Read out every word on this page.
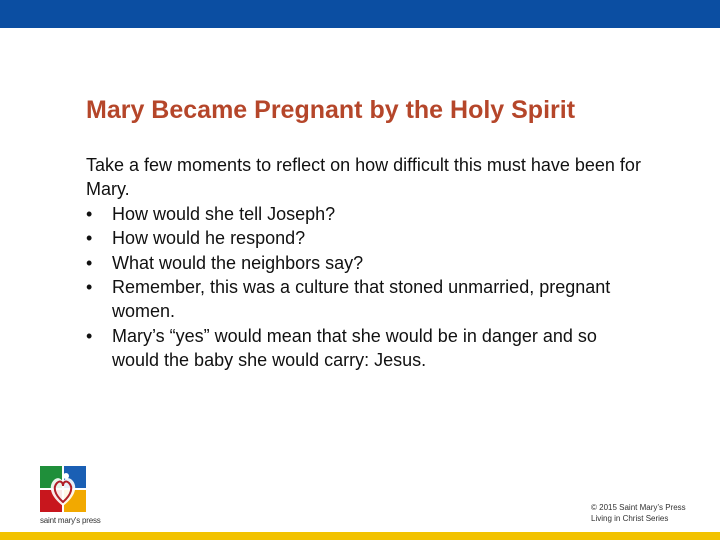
Mary Became Pregnant by the Holy Spirit

Take a few moments to reflect on how difficult this must have been for Mary.

•	How would she tell Joseph?
•	How would he respond?
•	What would the neighbors say?
•	Remember, this was a culture that stoned unmarried, pregnant women.
•	Mary’s “yes” would mean that she would be in danger and so would the baby she would carry: Jesus.
saint mary's press
© 2015 Saint Mary’s Press
Living in Christ Series
